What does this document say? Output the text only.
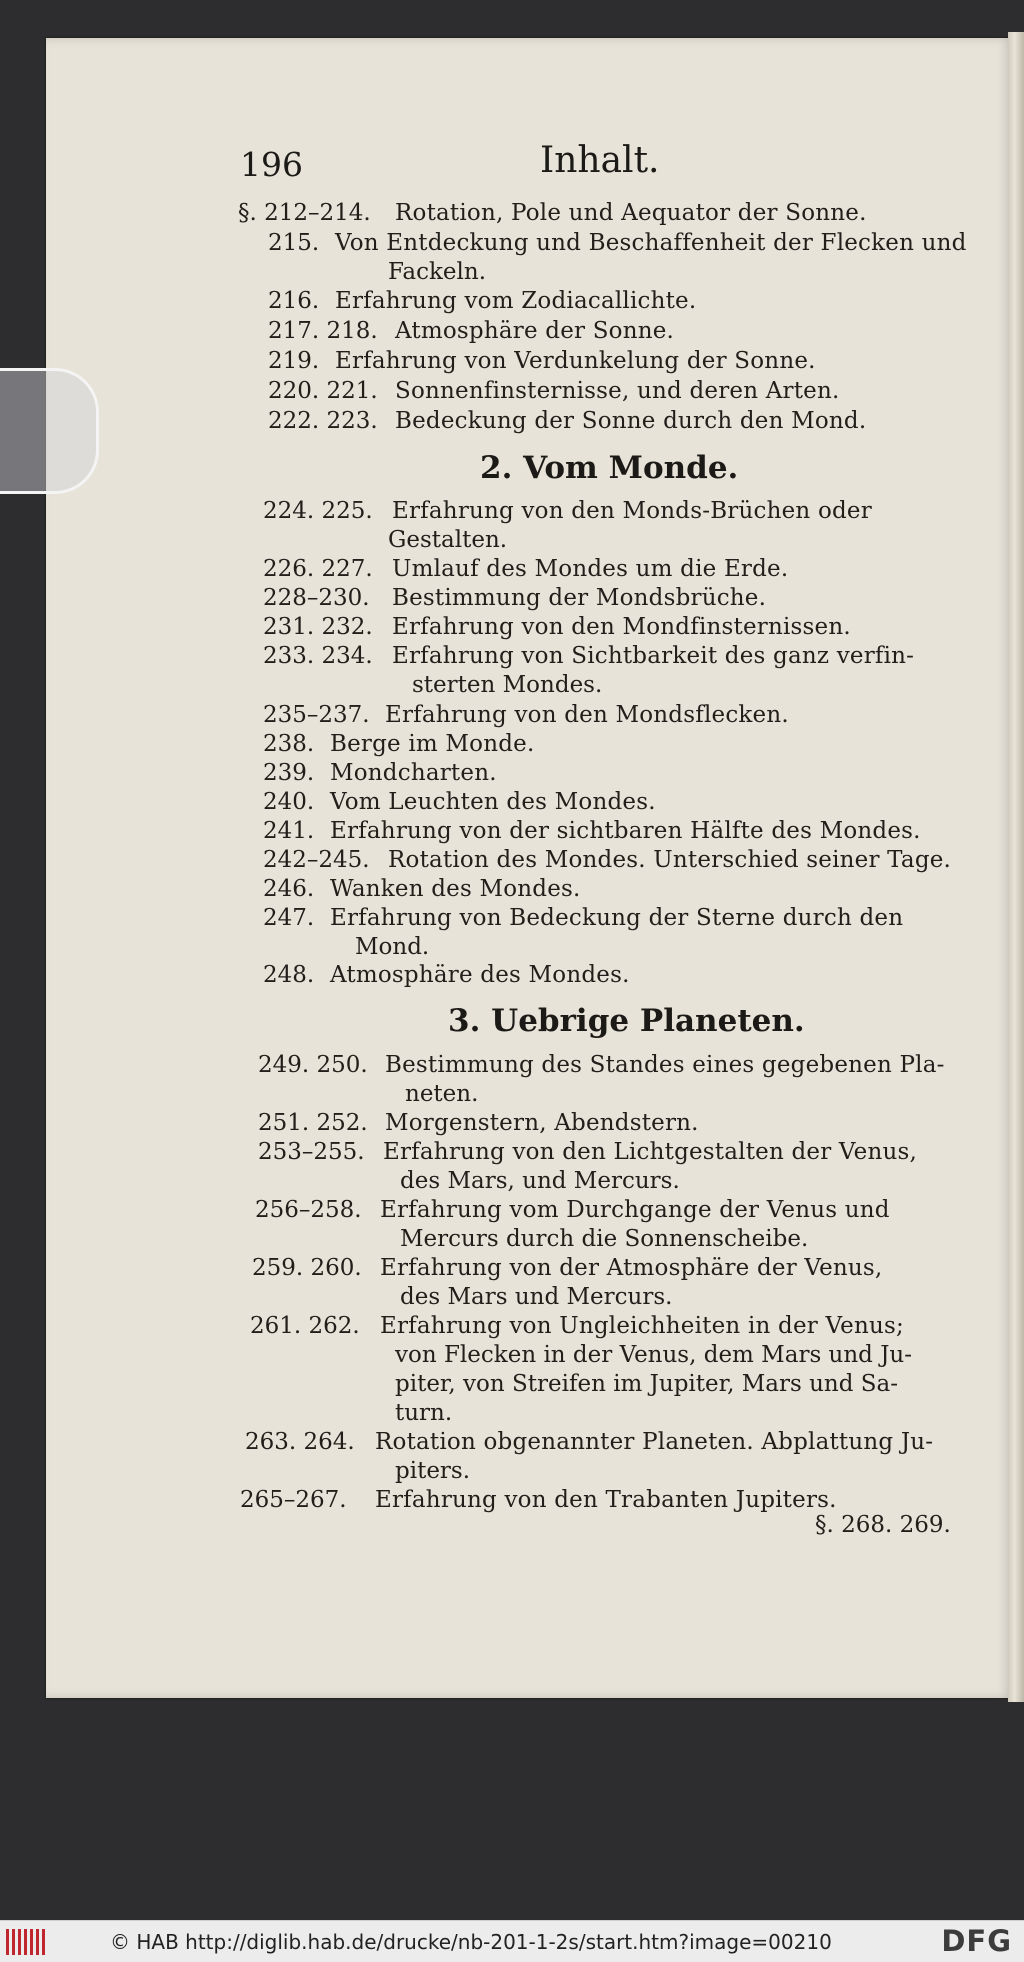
196	Inhalt.
2. Vom Monde.
3. Uebrige Planeten.
§. 212–214. Rotation, Pole und Aequator der Sonne.
215. Von Entdeckung und Beschaffenheit der Flecken und
Fackeln.
216. Erfahrung vom Zodiacallichte.
217. 218. Atmosphäre der Sonne.
219. Erfahrung von Verdunkelung der Sonne.
220. 221. Sonnenfinsternisse, und deren Arten.
222. 223. Bedeckung der Sonne durch den Mond.
224. 225. Erfahrung von den Monds-Brüchen oder
Gestalten.
226. 227. Umlauf des Mondes um die Erde.
228–230. Bestimmung der Mondsbrüche.
231. 232. Erfahrung von den Mondfinsternissen.
233. 234. Erfahrung von Sichtbarkeit des ganz verfin-
sterten Mondes.
235–237. Erfahrung von den Mondsflecken.
238. Berge im Monde.
239. Mondcharten.
240. Vom Leuchten des Mondes.
241. Erfahrung von der sichtbaren Hälfte des Mondes.
242–245. Rotation des Mondes. Unterschied seiner Tage.
246. Wanken des Mondes.
247. Erfahrung von Bedeckung der Sterne durch den
Mond.
248. Atmosphäre des Mondes.
249. 250. Bestimmung des Standes eines gegebenen Pla-
neten.
251. 252. Morgenstern, Abendstern.
253–255. Erfahrung von den Lichtgestalten der Venus,
des Mars, und Mercurs.
256–258. Erfahrung vom Durchgange der Venus und
Mercurs durch die Sonnenscheibe.
259. 260. Erfahrung von der Atmosphäre der Venus,
des Mars und Mercurs.
261. 262. Erfahrung von Ungleichheiten in der Venus;
von Flecken in der Venus, dem Mars und Ju-
piter, von Streifen im Jupiter, Mars und Sa-
turn.
263. 264. Rotation obgenannter Planeten. Abplattung Ju-
piters.
265–267. Erfahrung von den Trabanten Jupiters.
§. 268. 269.
© HAB http://diglib.hab.de/drucke/nb-201-1-2s/start.htm?image=00210	DFG
